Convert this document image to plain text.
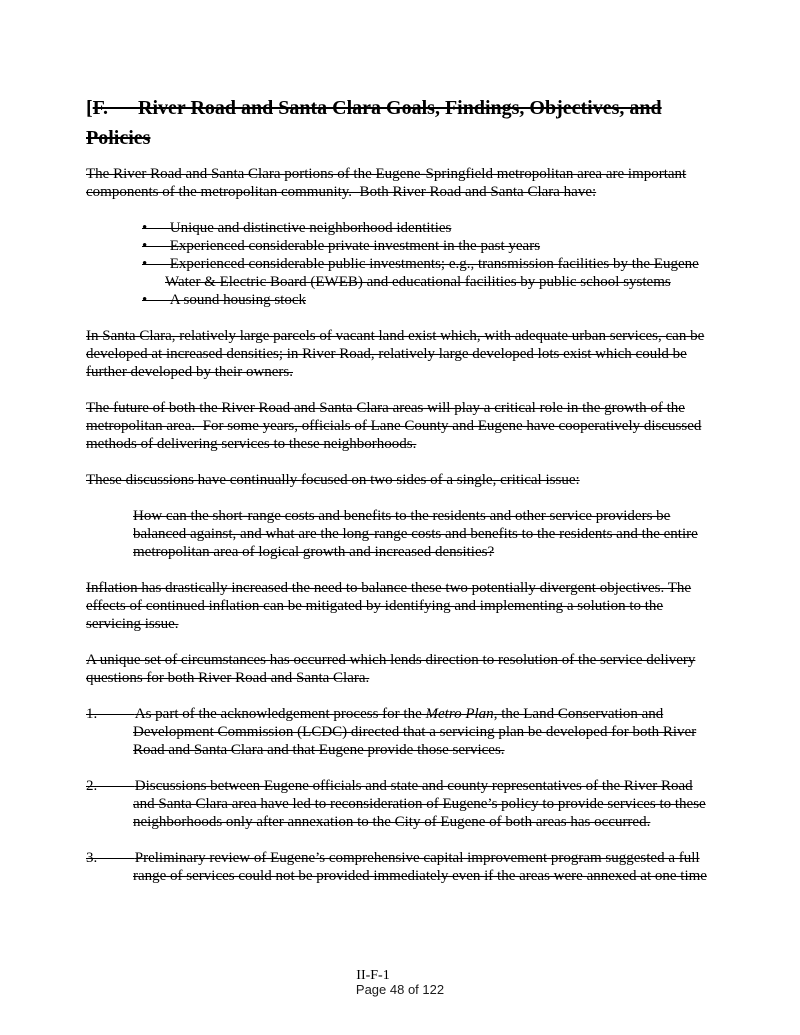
[F.      River Road and Santa Clara Goals, Findings, Objectives, and Policies

The River Road and Santa Clara portions of the Eugene-Springfield metropolitan area are important components of the metropolitan community.  Both River Road and Santa Clara have:

•      Unique and distinctive neighborhood identities
•      Experienced considerable private investment in the past years
•      Experienced considerable public investments; e.g., transmission facilities by the Eugene Water & Electric Board (EWEB) and educational facilities by public school systems
•      A sound housing stock

In Santa Clara, relatively large parcels of vacant land exist which, with adequate urban services, can be developed at increased densities; in River Road, relatively large developed lots exist which could be further developed by their owners.

The future of both the River Road and Santa Clara areas will play a critical role in the growth of the metropolitan area.  For some years, officials of Lane County and Eugene have cooperatively discussed methods of delivering services to these neighborhoods.

These discussions have continually focused on two sides of a single, critical issue:

How can the short-range costs and benefits to the residents and other service providers be balanced against, and what are the long-range costs and benefits to the residents and the entire metropolitan area of logical growth and increased densities?

Inflation has drastically increased the need to balance these two potentially divergent objectives. The effects of continued inflation can be mitigated by identifying and implementing a solution to the servicing issue.

A unique set of circumstances has occurred which lends direction to resolution of the service delivery questions for both River Road and Santa Clara.

1.          As part of the acknowledgement process for the Metro Plan, the Land Conservation and Development Commission (LCDC) directed that a servicing plan be developed for both River Road and Santa Clara and that Eugene provide those services.
2.          Discussions between Eugene officials and state and county representatives of the River Road and Santa Clara area have led to reconsideration of Eugene’s policy to provide services to these neighborhoods only after annexation to the City of Eugene of both areas has occurred.
3.          Preliminary review of Eugene’s comprehensive capital improvement program suggested a full range of services could not be provided immediately even if the areas were annexed at one time
II-F-1
Page 48 of 122
